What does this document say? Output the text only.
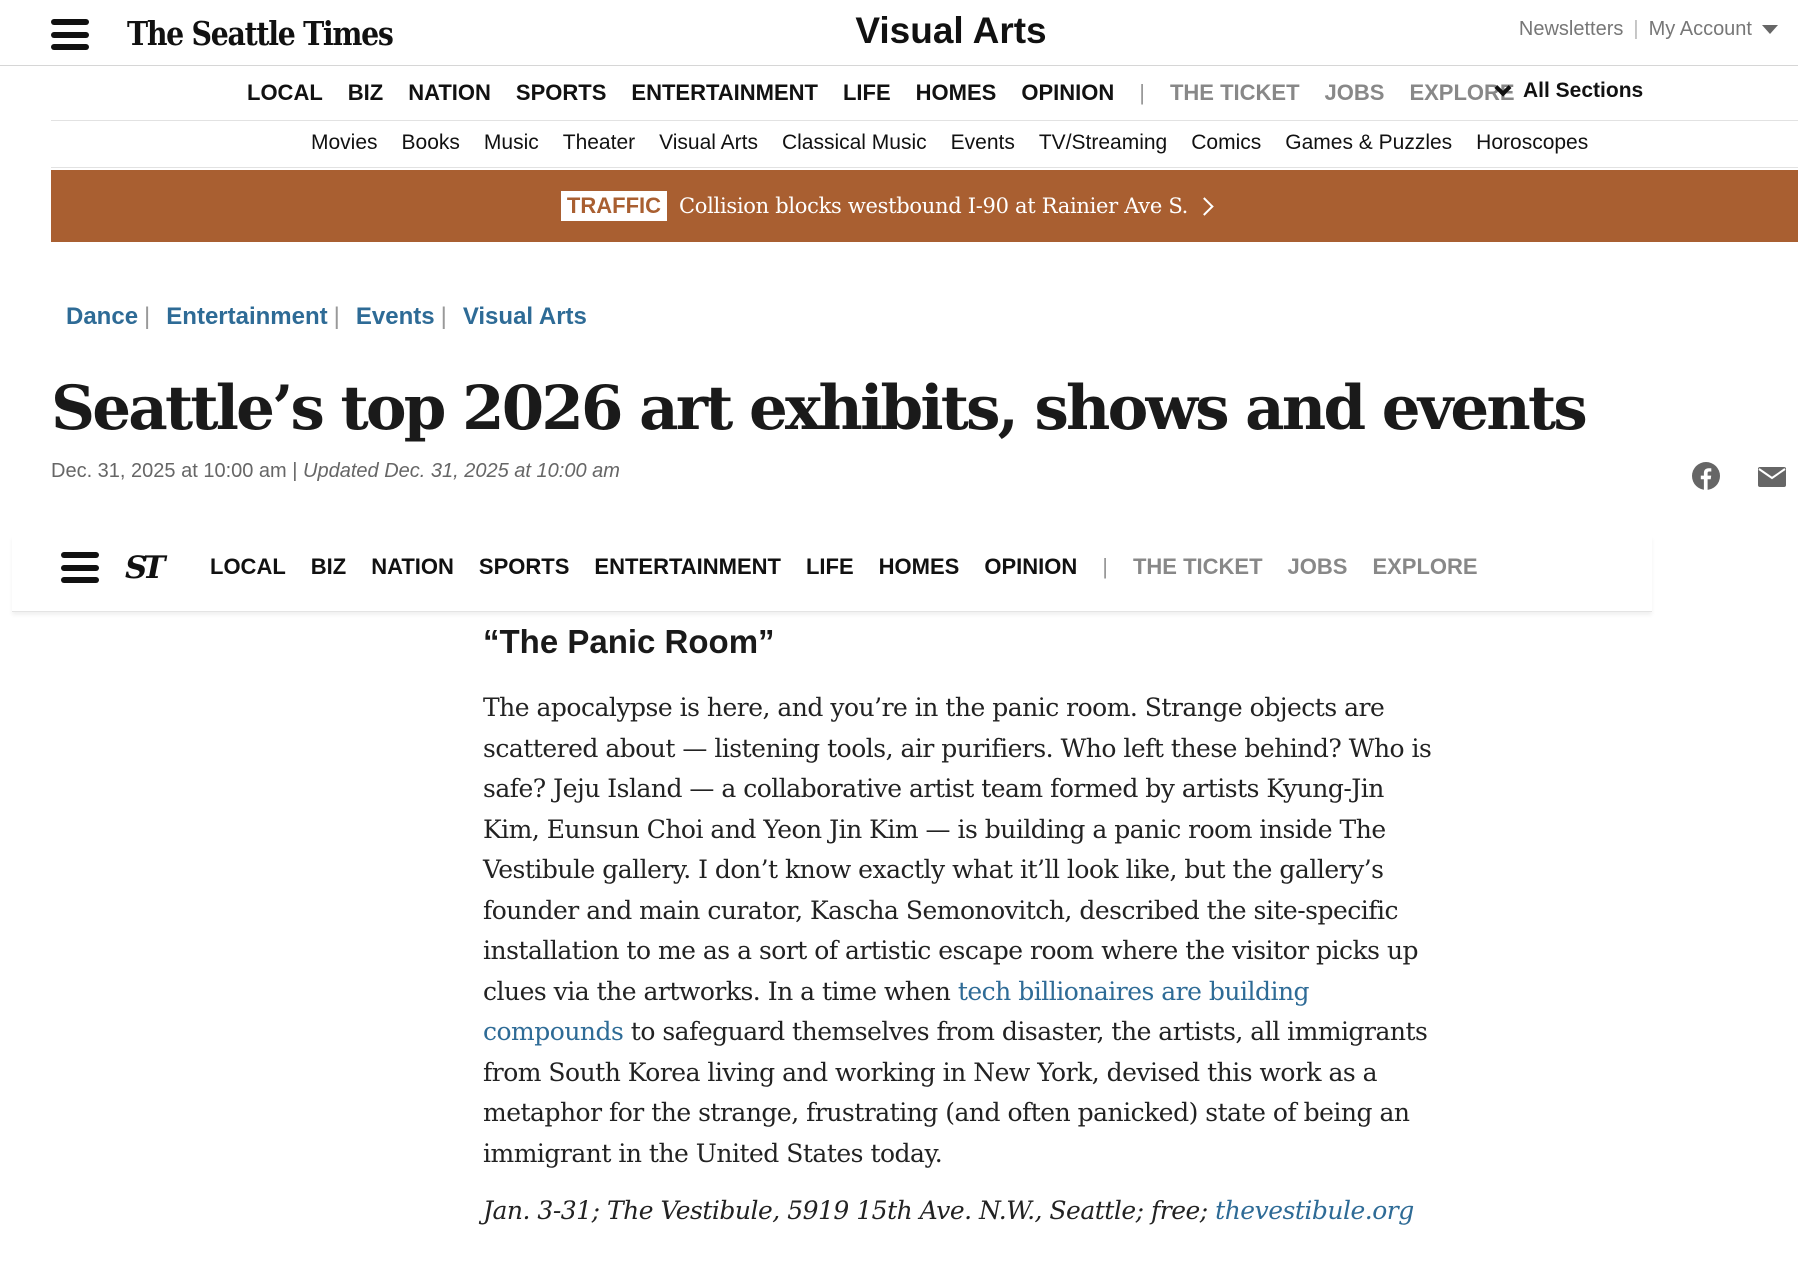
The Seattle Times	Visual Arts	Newsletters | My Account
LOCAL BIZ NATION SPORTS ENTERTAINMENT LIFE HOMES OPINION | THE TICKET JOBS EXPLORE All Sections
Movies Books Music Theater Visual Arts Classical Music Events TV/Streaming Comics Games & Puzzles Horoscopes
TRAFFIC Collision blocks westbound I-90 at Rainier Ave S.
Dance | Entertainment | Events | Visual Arts
Seattle’s top 2026 art exhibits, shows and events
Dec. 31, 2025 at 10:00 am | Updated Dec. 31, 2025 at 10:00 am
ST LOCAL BIZ NATION SPORTS ENTERTAINMENT LIFE HOMES OPINION | THE TICKET JOBS EXPLORE
“The Panic Room”
The apocalypse is here, and you’re in the panic room. Strange objects are
scattered about — listening tools, air purifiers. Who left these behind? Who is
safe? Jeju Island — a collaborative artist team formed by artists Kyung-Jin
Kim, Eunsun Choi and Yeon Jin Kim — is building a panic room inside The
Vestibule gallery. I don’t know exactly what it’ll look like, but the gallery’s
founder and main curator, Kascha Semonovitch, described the site-specific
installation to me as a sort of artistic escape room where the visitor picks up
clues via the artworks. In a time when tech billionaires are building
compounds to safeguard themselves from disaster, the artists, all immigrants
from South Korea living and working in New York, devised this work as a
metaphor for the strange, frustrating (and often panicked) state of being an
immigrant in the United States today.
Jan. 3-31; The Vestibule, 5919 15th Ave. N.W., Seattle; free; thevestibule.org
